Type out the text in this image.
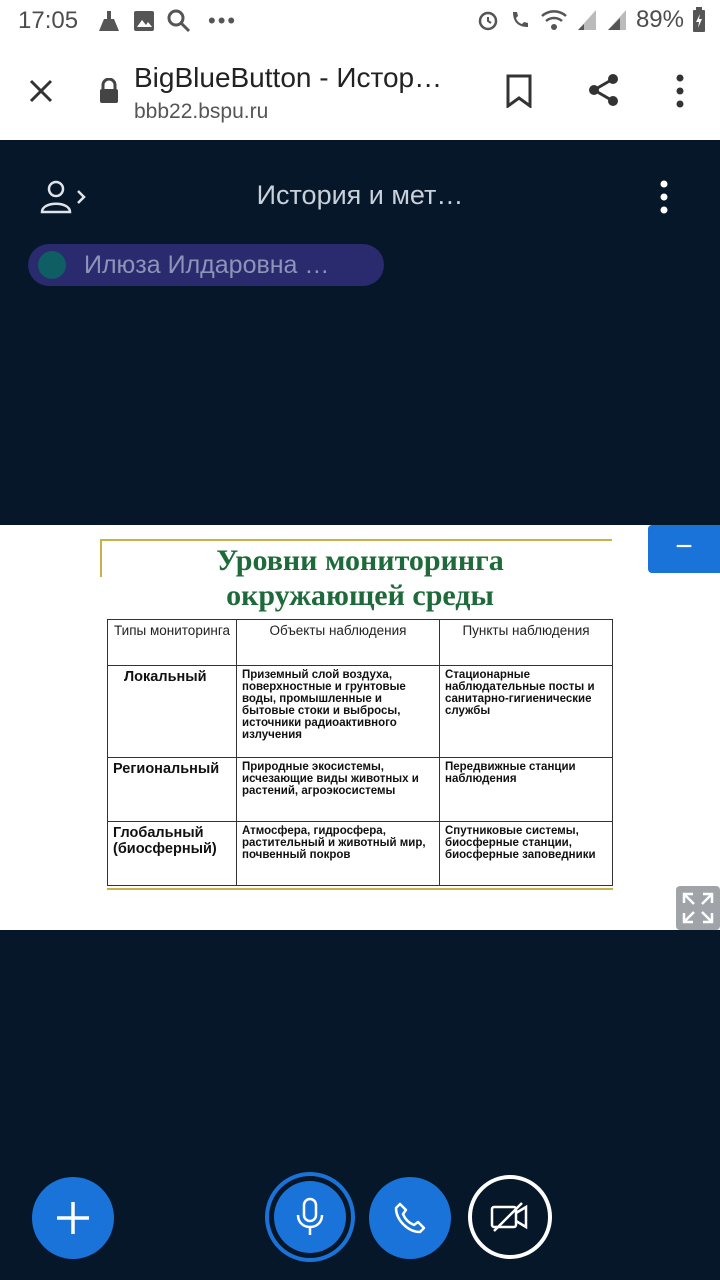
17:05	•••	89%
BigBlueButton - Истор…
bbb22.bspu.ru
История и мет…
Илюза Илдаровна …
Уровни мониторинга
окружающей среды
Типы мониторинга	Объекты наблюдения	Пункты наблюдения
Локальный	Приземный слой воздуха, поверхностные и грунтовые воды, промышленные и бытовые стоки и выбросы, источники радиоактивного излучения	Стационарные наблюдательные посты и санитарно-гигиенические службы
Региональный	Природные экосистемы, исчезающие виды животных и растений, агроэкосистемы	Передвижные станции наблюдения
Глобальный (биосферный)	Атмосфера, гидросфера, растительный и животный мир, почвенный покров	Спутниковые системы, биосферные станции, биосферные заповедники
−
